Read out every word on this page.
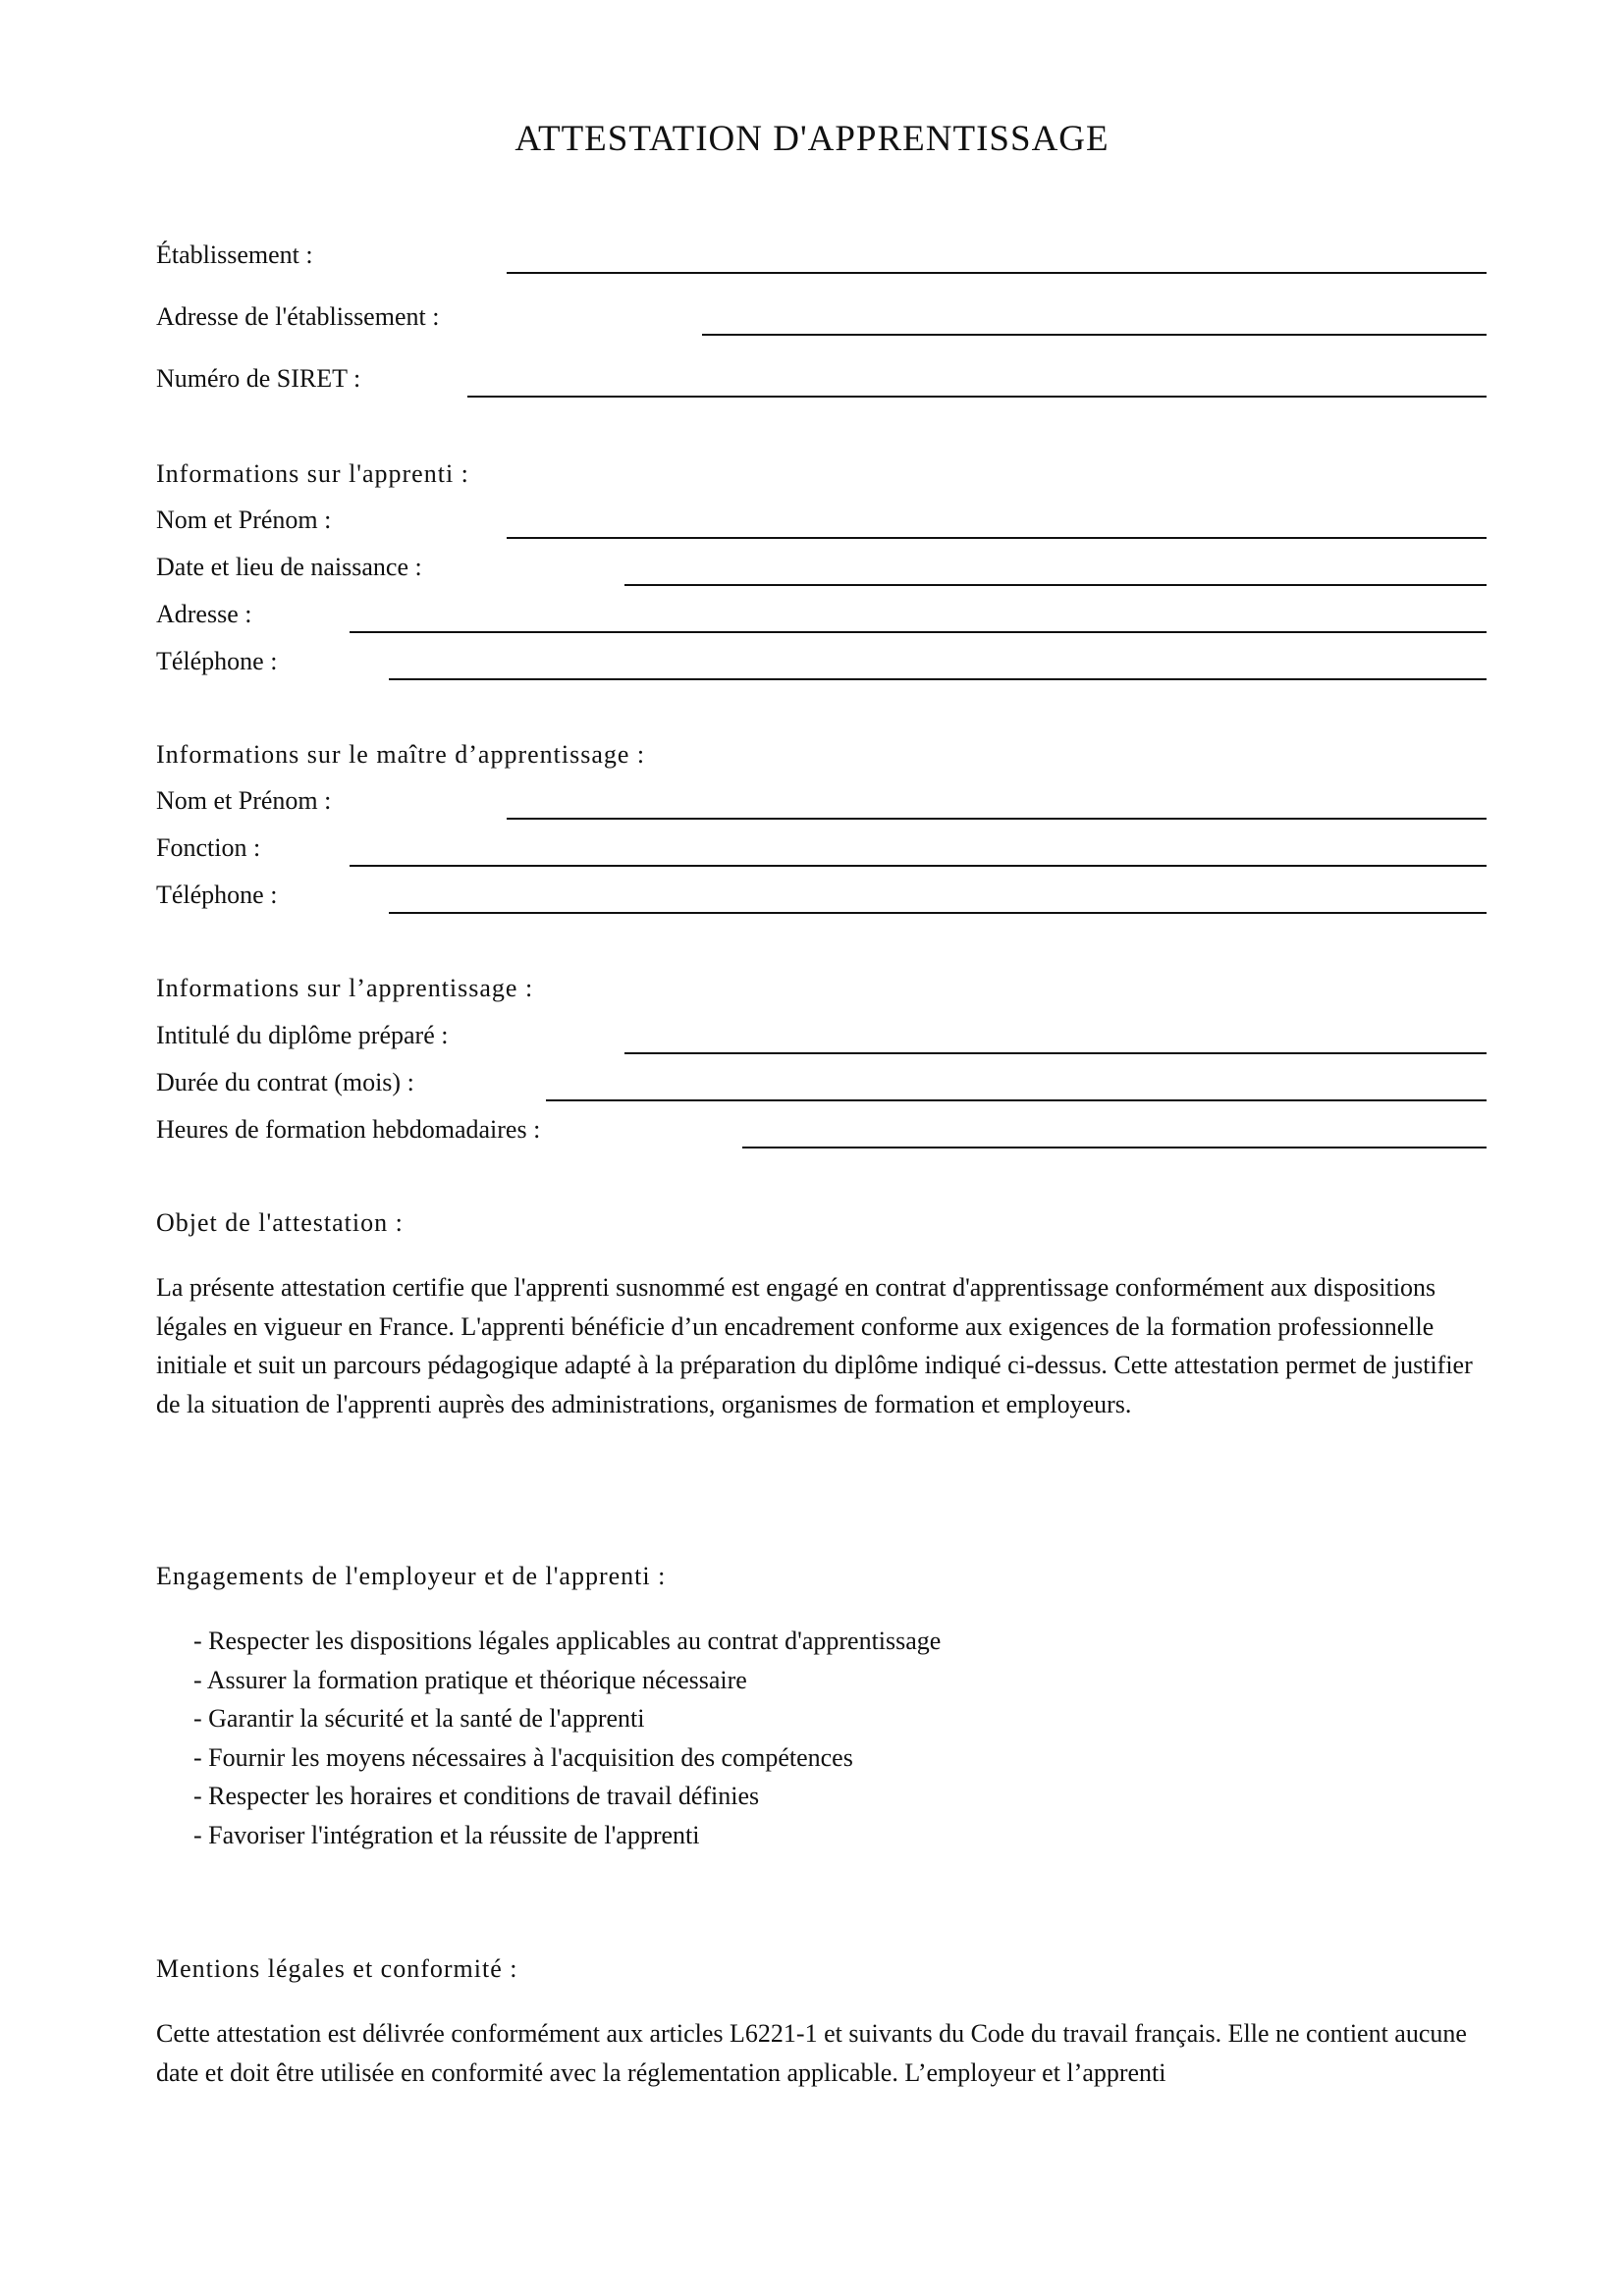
ATTESTATION D'APPRENTISSAGE
Établissement :
Adresse de l'établissement :
Numéro de SIRET :
Informations sur l'apprenti :
Nom et Prénom :
Date et lieu de naissance :
Adresse :
Téléphone :
Informations sur le maître d’apprentissage :
Nom et Prénom :
Fonction :
Téléphone :
Informations sur l’apprentissage :
Intitulé du diplôme préparé :
Durée du contrat (mois) :
Heures de formation hebdomadaires :
Objet de l'attestation :

La présente attestation certifie que l'apprenti susnommé est engagé en contrat d'apprentissage conformément aux dispositions légales en vigueur en France. L'apprenti bénéficie d’un encadrement conforme aux exigences de la formation professionnelle initiale et suit un parcours pédagogique adapté à la préparation du diplôme indiqué ci-dessus. Cette attestation permet de justifier de la situation de l'apprenti auprès des administrations, organismes de formation et employeurs.

Engagements de l'employeur et de l'apprenti :
- Respecter les dispositions légales applicables au contrat d'apprentissage
- Assurer la formation pratique et théorique nécessaire
- Garantir la sécurité et la santé de l'apprenti
- Fournir les moyens nécessaires à l'acquisition des compétences
- Respecter les horaires et conditions de travail définies
- Favoriser l'intégration et la réussite de l'apprenti
Mentions légales et conformité :

Cette attestation est délivrée conformément aux articles L6221-1 et suivants du Code du travail français. Elle ne contient aucune date et doit être utilisée en conformité avec la réglementation applicable. L’employeur et l’apprenti
